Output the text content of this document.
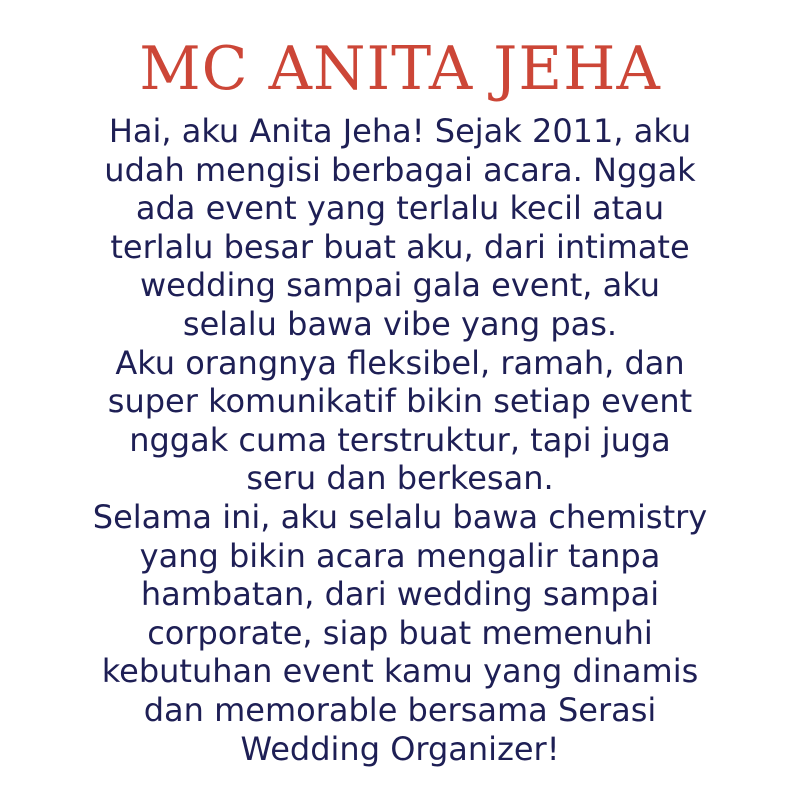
MC ANITA JEHA
Hai, aku Anita Jeha! Sejak 2011, aku
udah mengisi berbagai acara. Nggak
ada event yang terlalu kecil atau
terlalu besar buat aku, dari intimate
wedding sampai gala event, aku
selalu bawa vibe yang pas.
Aku orangnya fleksibel, ramah, dan
super komunikatif bikin setiap event
nggak cuma terstruktur, tapi juga
seru dan berkesan.
Selama ini, aku selalu bawa chemistry
yang bikin acara mengalir tanpa
hambatan, dari wedding sampai
corporate, siap buat memenuhi
kebutuhan event kamu yang dinamis
dan memorable bersama Serasi
Wedding Organizer!
